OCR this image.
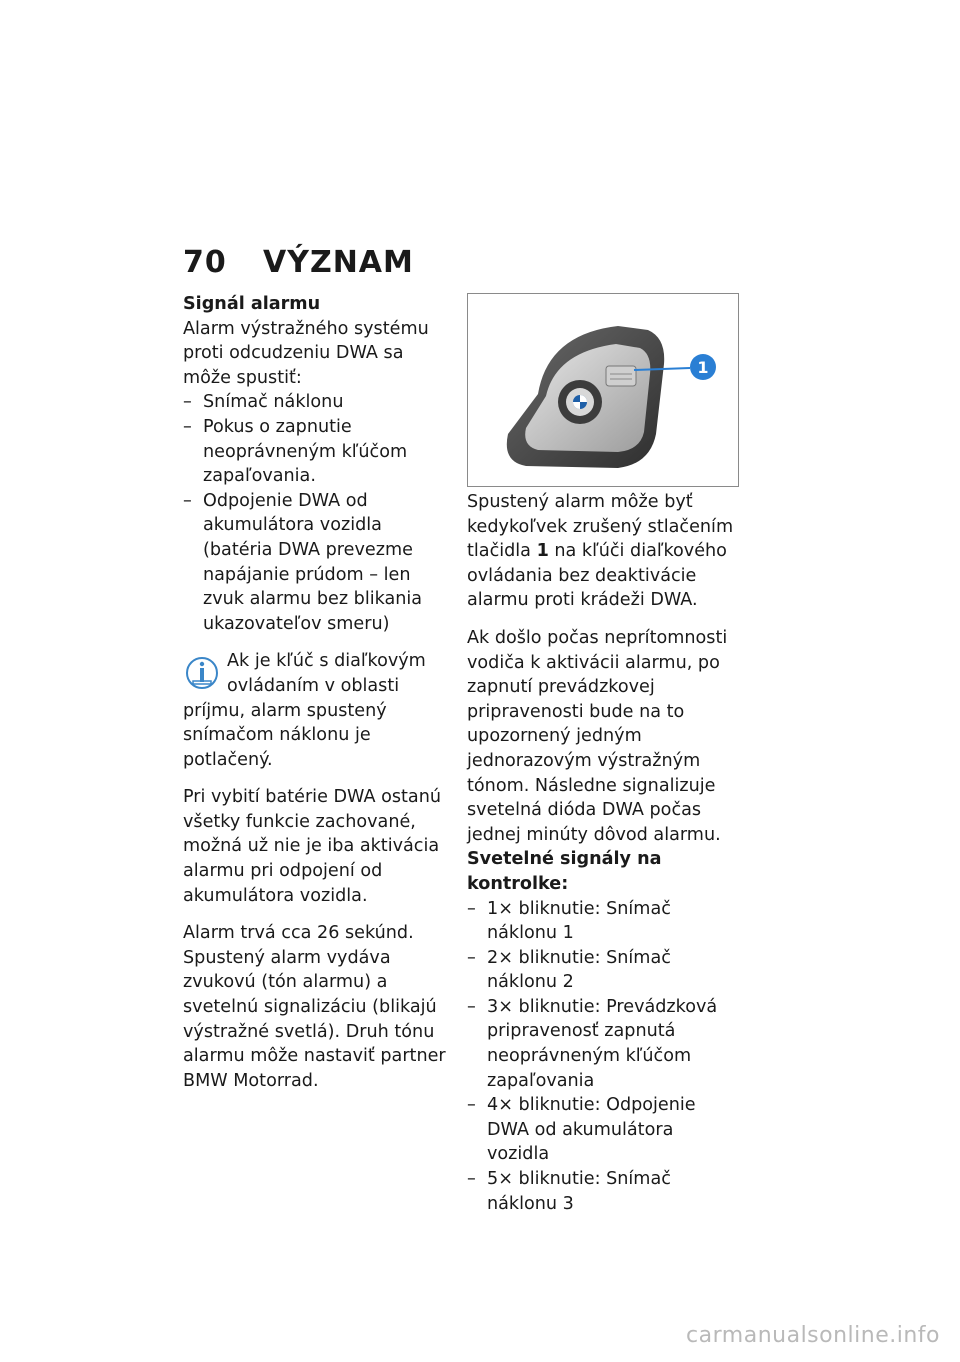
70	VÝZNAM
Signál alarmu

Alarm výstražného systému proti odcudzeniu DWA sa môže spustiť:

– Snímač náklonu
– Pokus o zapnutie neoprávneným kľúčom zapaľovania.
– Odpojenie DWA od akumulátora vozidla (batéria DWA prevezme napájanie prúdom – len zvuk alarmu bez blikania ukazovateľov smeru)
Ak je kľúč s diaľkovým ovládaním v oblasti príjmu, alarm spustený snímačom náklonu je potlačený.

Pri vybití batérie DWA ostanú všetky funkcie zachované, možná už nie je iba aktivácia alarmu pri odpojení od akumulátora vozidla.

Alarm trvá cca 26 sekúnd. Spustený alarm vydáva zvukovú (tón alarmu) a svetelnú signalizáciu (blikajú výstražné svetlá). Druh tónu alarmu môže nastaviť partner BMW Motorrad.

1

Spustený alarm môže byť kedykoľvek zrušený stlačením tlačidla 1 na kľúči diaľkového ovládania bez deaktivácie alarmu proti krádeži DWA.

Ak došlo počas neprítomnosti vodiča k aktivácii alarmu, po zapnutí prevádzkovej pripravenosti bude na to upozornený jedným jednorazovým výstražným tónom. Následne signalizuje svetelná dióda DWA počas jednej minúty dôvod alarmu.

Svetelné signály na kontrolke:
– 1× bliknutie: Snímač náklonu 1
– 2× bliknutie: Snímač náklonu 2
– 3× bliknutie: Prevádzková pripravenosť zapnutá neoprávneným kľúčom zapaľovania
– 4× bliknutie: Odpojenie DWA od akumulátora vozidla
– 5× bliknutie: Snímač náklonu 3
carmanualsonline.info
